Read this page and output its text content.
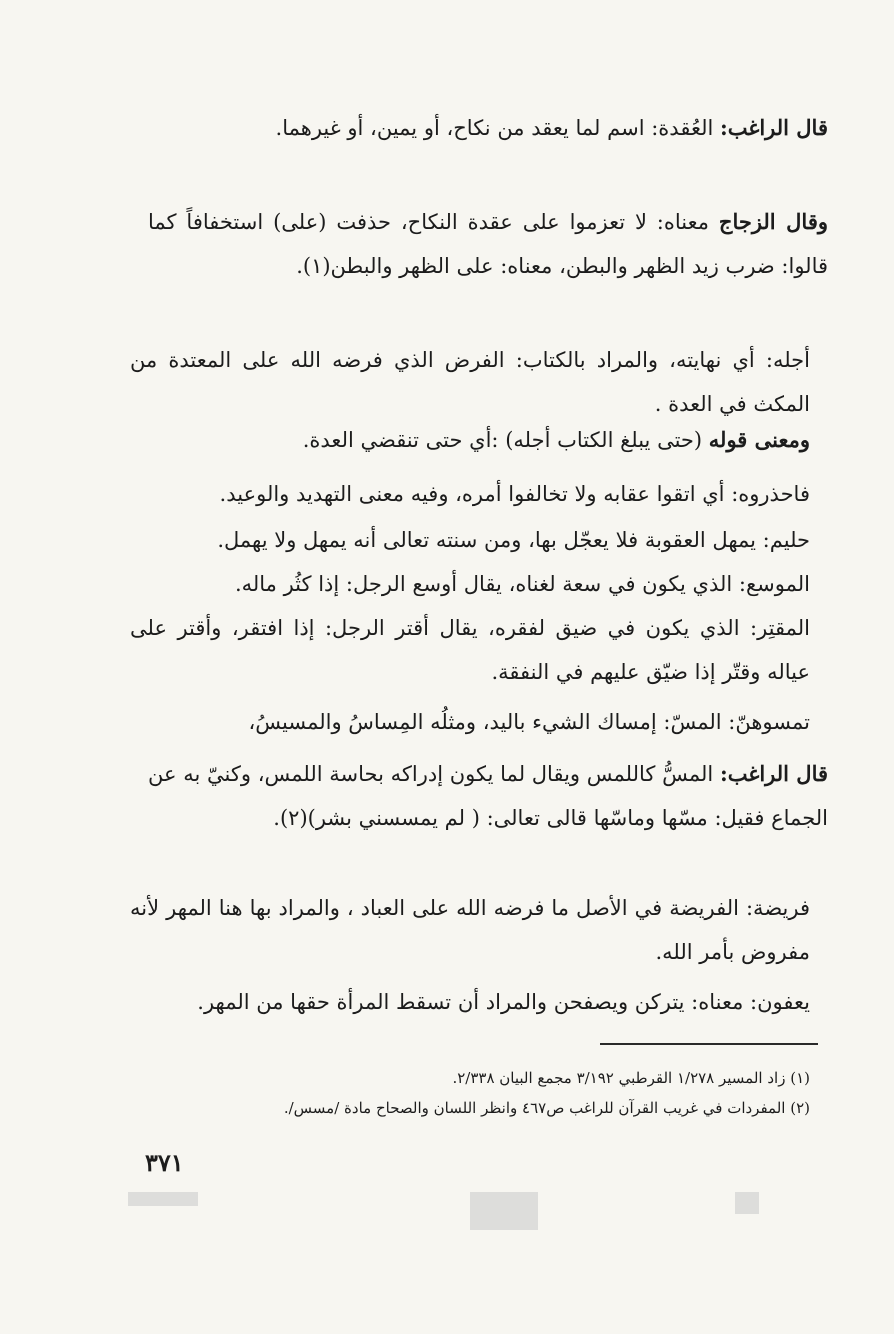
قال الراغب: العُقدة: اسم لما يعقد من نكاح، أو يمين، أو غيرهما.
وقال الزجاج معناه: لا تعزموا على عقدة النكاح، حذفت (على) استخفافاً كما قالوا: ضرب زيد الظهر والبطن، معناه: على الظهر والبطن(١).
أجله: أي نهايته، والمراد بالكتاب: الفرض الذي فرضه الله على المعتدة من المكث في العدة .
ومعنى قوله (حتى يبلغ الكتاب أجله) :أي حتى تنقضي العدة.
فاحذروه: أي اتقوا عقابه ولا تخالفوا أمره، وفيه معنى التهديد والوعيد.
حليم: يمهل العقوبة فلا يعجّل بها، ومن سنته تعالى أنه يمهل ولا يهمل.
الموسع: الذي يكون في سعة لغناه، يقال أوسع الرجل: إذا كثُر ماله.
المقتِر: الذي يكون في ضيق لفقره، يقال أقتر الرجل: إذا افتقر، وأقتر على عياله وقتّر إذا ضيّق عليهم في النفقة.
تمسوهنّ: المسّ: إمساك الشيء باليد، ومثلُه المِساسُ والمسيسُ،
قال الراغب: المسُّ كاللمس ويقال لما يكون إدراكه بحاسة اللمس، وكنيّ به عن الجماع فقيل: مسّها وماسّها قالى تعالى: ( لم يمسسني بشر)(٢).
فريضة: الفريضة في الأصل ما فرضه الله على العباد ، والمراد بها هنا المهر لأنه مفروض بأمر الله.
يعفون: معناه: يتركن ويصفحن والمراد أن تسقط المرأة حقها من المهر.
(١) زاد المسير ١/٢٧٨ القرطبي ٣/١٩٢ مجمع البيان ٢/٣٣٨.
(٢) المفردات في غريب القرآن للراغب ص٤٦٧ وانظر اللسان والصحاح مادة /مسس/.
٣٧١
